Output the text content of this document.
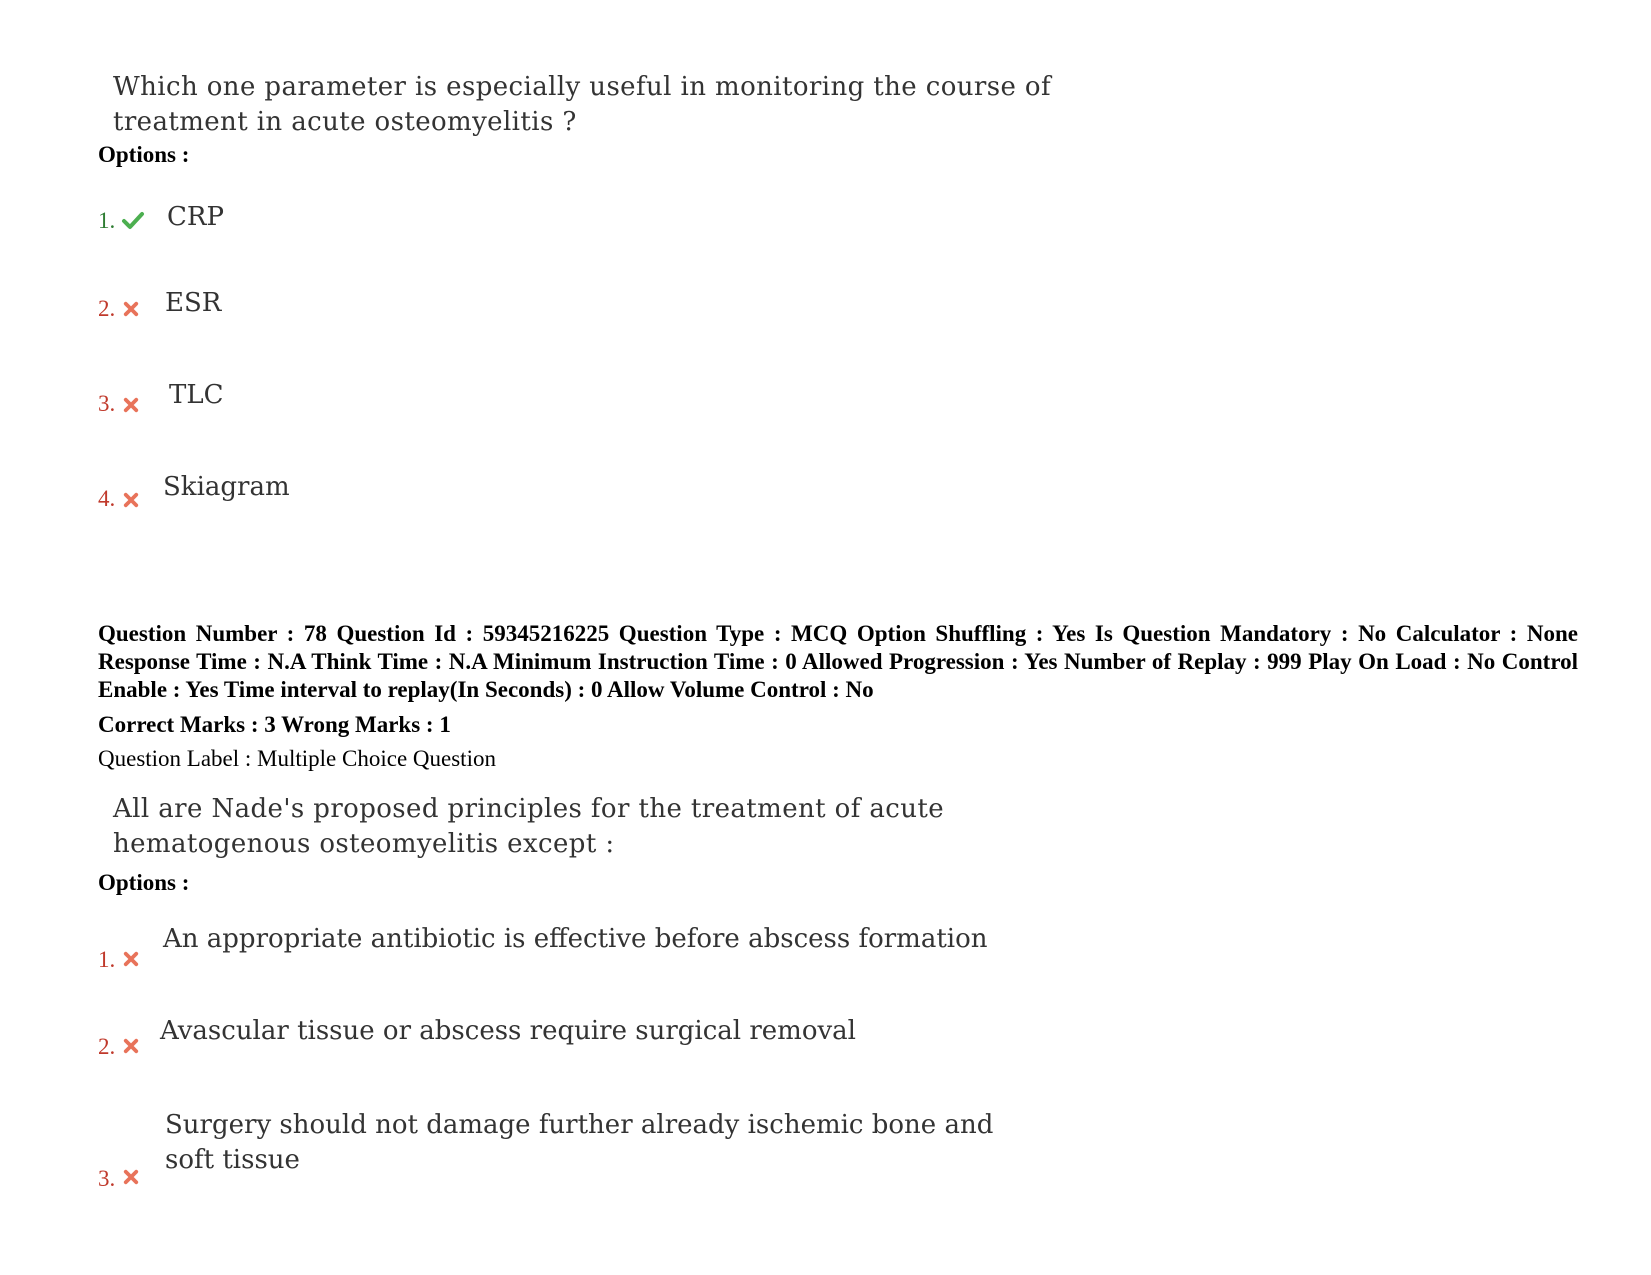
Which one parameter is especially useful in monitoring the course of
treatment in acute osteomyelitis ?
Options :
1. CRP
2. ESR
3. TLC
4. Skiagram
Question Number : 78 Question Id : 59345216225 Question Type : MCQ Option Shuffling : Yes Is Question Mandatory : No Calculator : None Response Time : N.A Think Time : N.A Minimum Instruction Time : 0 Allowed Progression : Yes Number of Replay : 999 Play On Load : No Control Enable : Yes Time interval to replay(In Seconds) : 0 Allow Volume Control : No
Correct Marks : 3 Wrong Marks : 1
Question Label : Multiple Choice Question
All are Nade's proposed principles for the treatment of acute
hematogenous osteomyelitis except :
Options :
1.
An appropriate antibiotic is effective before abscess formation
2.
Avascular tissue or abscess require surgical removal
3.
Surgery should not damage further already ischemic bone and
soft tissue
